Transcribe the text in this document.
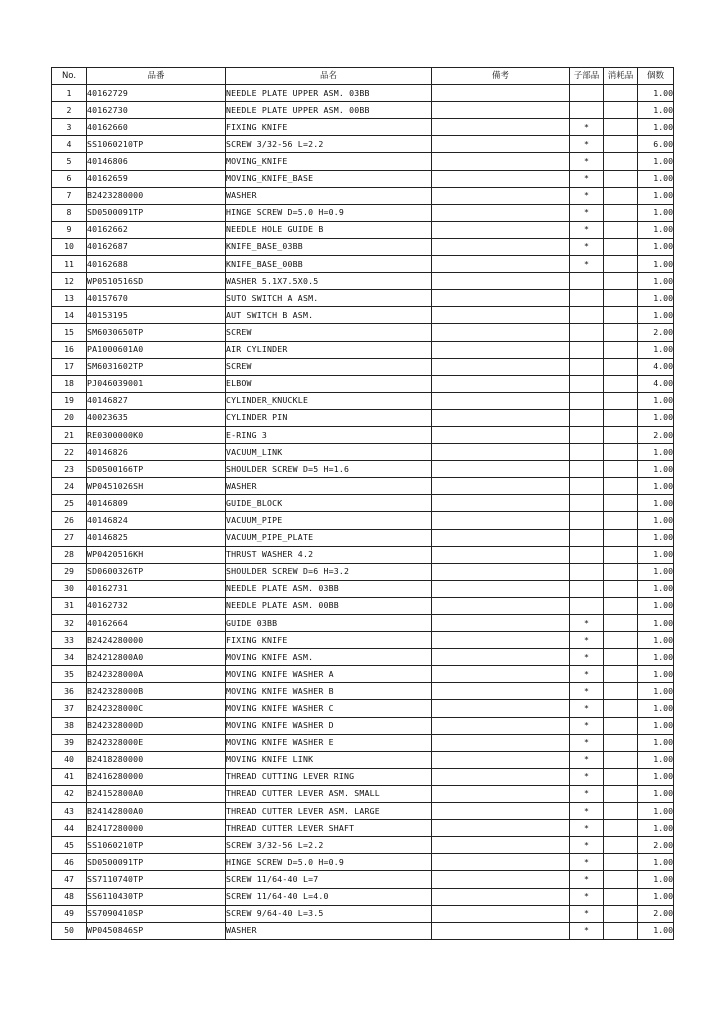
No.	品番	品名	備考	子部品	消耗品	個数
1	40162729	NEEDLE PLATE UPPER ASM. 03BB				1.00
2	40162730	NEEDLE PLATE UPPER ASM. 00BB				1.00
3	40162660	FIXING KNIFE		*		1.00
4	SS1060210TP	SCREW 3/32-56 L=2.2		*		6.00
5	40146806	MOVING_KNIFE		*		1.00
6	40162659	MOVING_KNIFE_BASE		*		1.00
7	B2423280000	WASHER		*		1.00
8	SD0500091TP	HINGE SCREW D=5.0 H=0.9		*		1.00
9	40162662	NEEDLE HOLE GUIDE B		*		1.00
10	40162687	KNIFE_BASE_03BB		*		1.00
11	40162688	KNIFE_BASE_00BB		*		1.00
12	WP0510516SD	WASHER 5.1X7.5X0.5				1.00
13	40157670	SUTO SWITCH A ASM.				1.00
14	40153195	AUT SWITCH B ASM.				1.00
15	SM6030650TP	SCREW				2.00
16	PA1000601A0	AIR CYLINDER				1.00
17	SM6031602TP	SCREW				4.00
18	PJ046039001	ELBOW				4.00
19	40146827	CYLINDER_KNUCKLE				1.00
20	40023635	CYLINDER PIN				1.00
21	RE0300000K0	E-RING 3				2.00
22	40146826	VACUUM_LINK				1.00
23	SD0500166TP	SHOULDER SCREW D=5 H=1.6				1.00
24	WP0451026SH	WASHER				1.00
25	40146809	GUIDE_BLOCK				1.00
26	40146824	VACUUM_PIPE				1.00
27	40146825	VACUUM_PIPE_PLATE				1.00
28	WP0420516KH	THRUST WASHER 4.2				1.00
29	SD0600326TP	SHOULDER SCREW D=6 H=3.2				1.00
30	40162731	NEEDLE PLATE ASM. 03BB				1.00
31	40162732	NEEDLE PLATE ASM. 00BB				1.00
32	40162664	GUIDE 03BB		*		1.00
33	B2424280000	FIXING KNIFE		*		1.00
34	B24212800A0	MOVING KNIFE ASM.		*		1.00
35	B242328000A	MOVING KNIFE WASHER A		*		1.00
36	B242328000B	MOVING KNIFE WASHER B		*		1.00
37	B242328000C	MOVING KNIFE WASHER C		*		1.00
38	B242328000D	MOVING KNIFE WASHER D		*		1.00
39	B242328000E	MOVING KNIFE WASHER E		*		1.00
40	B2418280000	MOVING KNIFE LINK		*		1.00
41	B2416280000	THREAD CUTTING LEVER RING		*		1.00
42	B24152800A0	THREAD CUTTER LEVER ASM. SMALL		*		1.00
43	B24142800A0	THREAD CUTTER LEVER ASM. LARGE		*		1.00
44	B2417280000	THREAD CUTTER LEVER SHAFT		*		1.00
45	SS1060210TP	SCREW 3/32-56 L=2.2		*		2.00
46	SD0500091TP	HINGE SCREW D=5.0 H=0.9		*		1.00
47	SS7110740TP	SCREW 11/64-40 L=7		*		1.00
48	SS6110430TP	SCREW 11/64-40 L=4.0		*		1.00
49	SS7090410SP	SCREW 9/64-40 L=3.5		*		2.00
50	WP0450846SP	WASHER		*		1.00
